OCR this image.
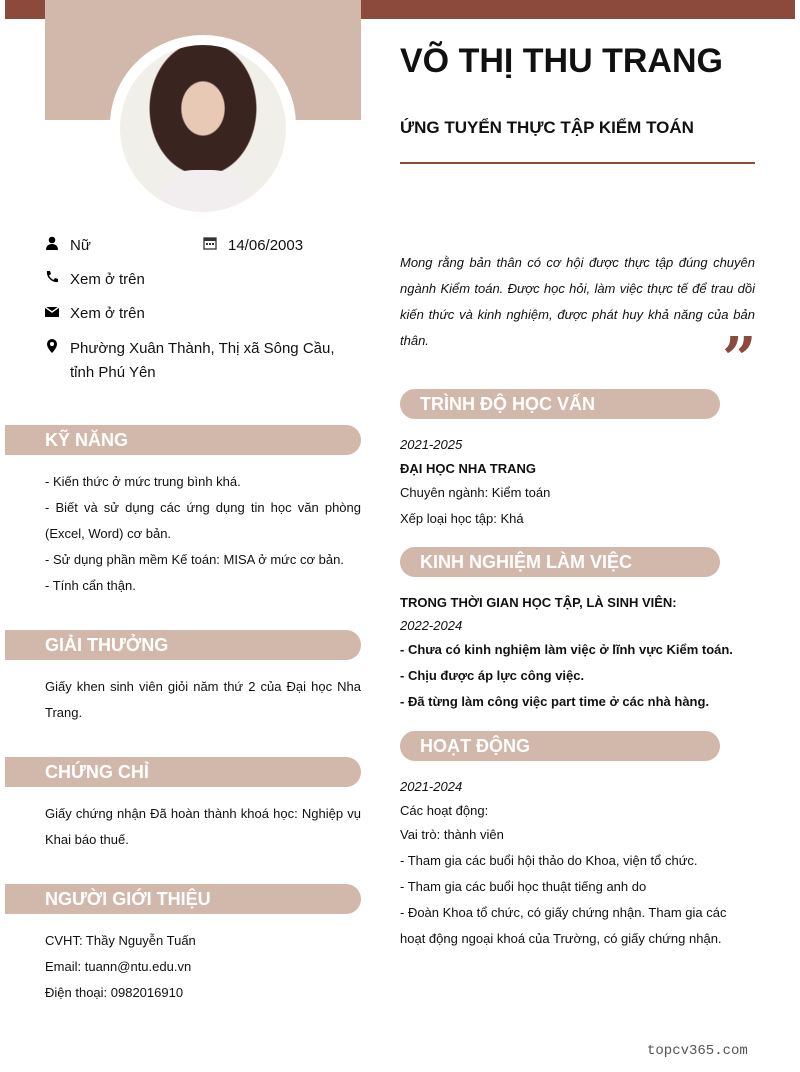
VÕ THỊ THU TRANG
ỨNG TUYỂN THỰC TẬP KIỂM TOÁN
Nữ	14/06/2003
Xem ở trên
Xem ở trên
Phường Xuân Thành, Thị xã Sông Cầu, tỉnh Phú Yên
KỸ NĂNG
- Kiến thức ở mức trung bình khá.
- Biết và sử dụng các ứng dụng tin học văn phòng (Excel, Word) cơ bản.
- Sử dụng phần mềm Kế toán: MISA ở mức cơ bản.
- Tính cẩn thận.
GIẢI THƯỞNG
Giấy khen sinh viên giỏi năm thứ 2 của Đại học Nha Trang.
CHỨNG CHỈ
Giấy chứng nhận Đã hoàn thành khoá học: Nghiệp vụ Khai báo thuế.
NGƯỜI GIỚI THIỆU
CVHT: Thầy Nguyễn Tuấn
Email: tuann@ntu.edu.vn
Điện thoại: 0982016910
Mong rằng bản thân có cơ hội được thực tập đúng chuyên ngành Kiểm toán. Được học hỏi, làm việc thực tế để trau dồi kiến thức và kinh nghiệm, được phát huy khả năng của bản thân.	”
TRÌNH ĐỘ HỌC VẤN
2021-2025
ĐẠI HỌC NHA TRANG
Chuyên ngành: Kiểm toán
Xếp loại học tập: Khá
KINH NGHIỆM LÀM VIỆC
TRONG THỜI GIAN HỌC TẬP, LÀ SINH VIÊN:
2022-2024
- Chưa có kinh nghiệm làm việc ở lĩnh vực Kiểm toán.
- Chịu được áp lực công việc.
- Đã từng làm công việc part time ở các nhà hàng.
HOẠT ĐỘNG
2021-2024
Các hoạt động:
Vai trò: thành viên
- Tham gia các buổi hội thảo do Khoa, viện tổ chức.
- Tham gia các buổi học thuật tiếng anh do
- Đoàn Khoa tổ chức, có giấy chứng nhận. Tham gia các hoạt động ngoại khoá của Trường, có giấy chứng nhận.
topcv365.com
